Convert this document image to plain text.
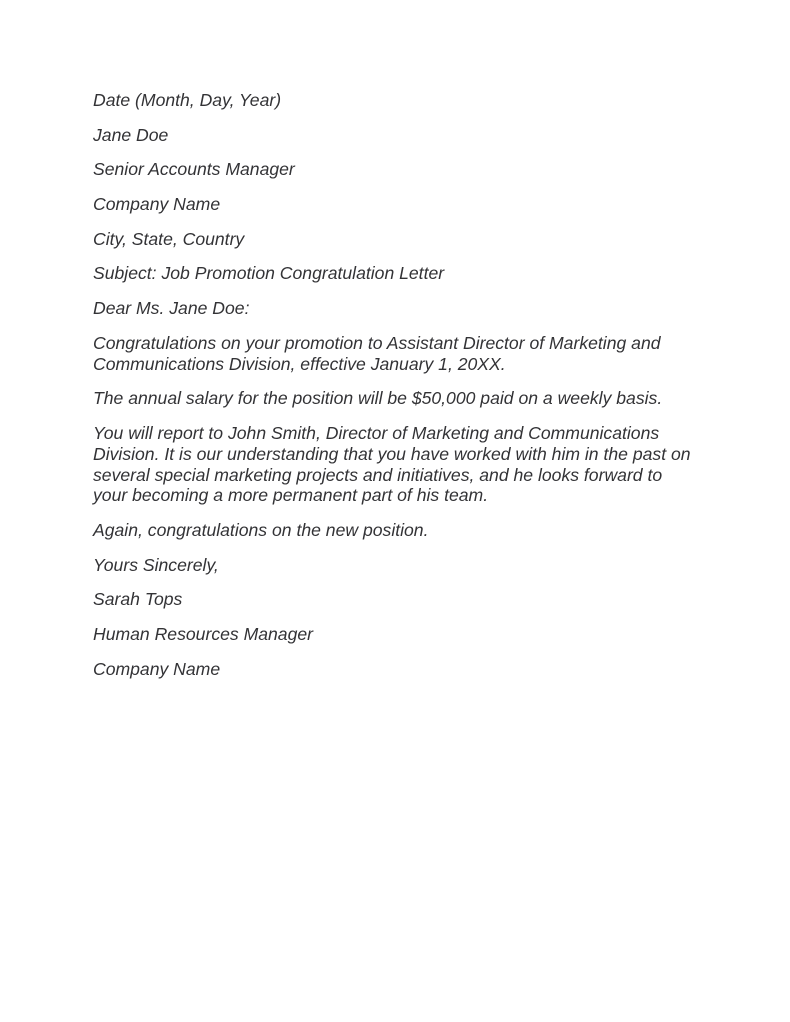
Date (Month, Day, Year)

Jane Doe

Senior Accounts Manager

Company Name

City, State, Country

Subject: Job Promotion Congratulation Letter

Dear Ms. Jane Doe:

Congratulations on your promotion to Assistant Director of Marketing and Communications Division, effective January 1, 20XX.

The annual salary for the position will be $50,000 paid on a weekly basis.

You will report to John Smith, Director of Marketing and Communications Division. It is our understanding that you have worked with him in the past on several special marketing projects and initiatives, and he looks forward to your becoming a more permanent part of his team.

Again, congratulations on the new position.

Yours Sincerely,

Sarah Tops

Human Resources Manager

Company Name
